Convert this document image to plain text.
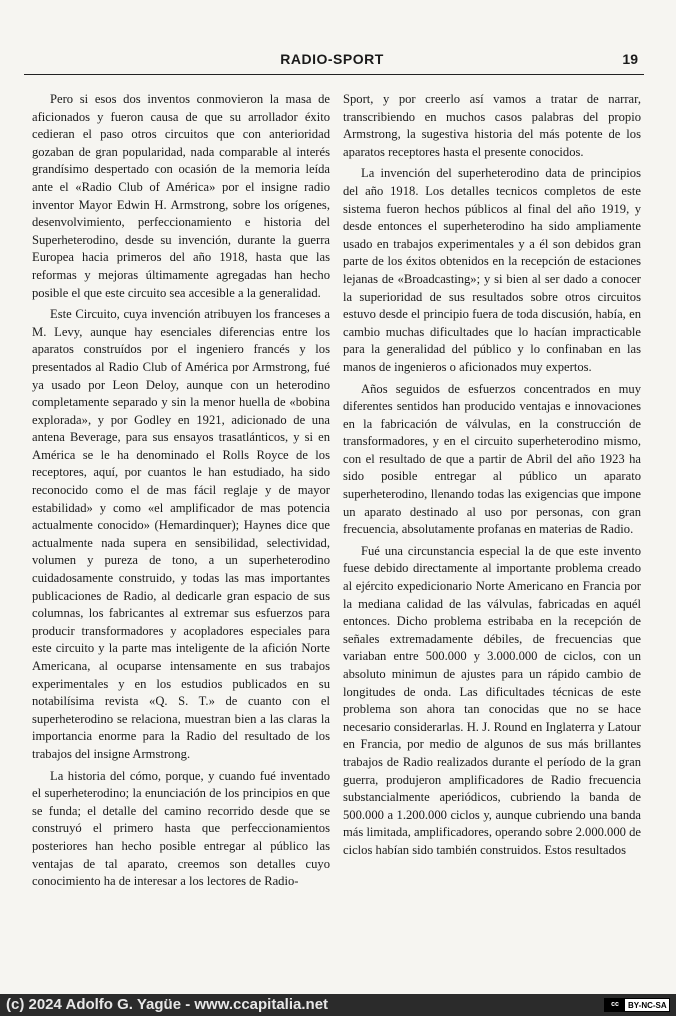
RADIO-SPORT	19

Pero si esos dos inventos conmovieron la masa de aficionados y fueron causa de que su arrollador éxito cedieran el paso otros circuitos que con anterioridad gozaban de gran popularidad, nada comparable al interés grandísimo despertado con ocasión de la memoria leída ante el «Radio Club of América» por el insigne radio inventor Mayor Edwin H. Armstrong, sobre los orígenes, desenvolvimiento, perfeccionamiento e historia del Superheterodino, desde su invención, durante la guerra Europea hacia primeros del año 1918, hasta que las reformas y mejoras últimamente agregadas han hecho posible el que este circuito sea accesible a la generalidad.

Este Circuito, cuya invención atribuyen los franceses a M. Levy, aunque hay esenciales diferencias entre los aparatos construídos por el ingeniero francés y los presentados al Radio Club of América por Armstrong, fué ya usado por Leon Deloy, aunque con un heterodino completamente separado y sin la menor huella de «bobina explorada», y por Godley en 1921, adicionado de una antena Beverage, para sus ensayos trasatlánticos, y si en América se le ha denominado el Rolls Royce de los receptores, aquí, por cuantos le han estudiado, ha sido reconocido como el de mas fácil reglaje y de mayor estabilidad» y como «el amplificador de mas potencia actualmente conocido» (Hemardinquer); Haynes dice que actualmente nada supera en sensibilidad, selectividad, volumen y pureza de tono, a un superheterodino cuidadosamente construido, y todas las mas importantes publicaciones de Radio, al dedicarle gran espacio de sus columnas, los fabricantes al extremar sus esfuerzos para producir transformadores y acopladores especiales para este circuito y la parte mas inteligente de la afición Norte Americana, al ocuparse intensamente en sus trabajos experimentales y en los estudios publicados en su notabilísima revista «Q. S. T.» de cuanto con el superheterodino se relaciona, muestran bien a las claras la importancia enorme para la Radio del resultado de los trabajos del insigne Armstrong.

La historia del cómo, porque, y cuando fué inventado el superheterodino; la enunciación de los principios en que se funda; el detalle del camino recorrido desde que se construyó el primero hasta que perfeccionamientos posteriores han hecho posible entregar al público las ventajas de tal aparato, creemos son detalles cuyo conocimiento ha de interesar a los lectores de Radio-

Sport, y por creerlo así vamos a tratar de narrar, transcribiendo en muchos casos palabras del propio Armstrong, la sugestiva historia del más potente de los aparatos receptores hasta el presente conocidos.

La invención del superheterodino data de principios del año 1918. Los detalles tecnicos completos de este sistema fueron hechos públicos al final del año 1919, y desde entonces el superheterodino ha sido ampliamente usado en trabajos experimentales y a él son debidos gran parte de los éxitos obtenidos en la recepción de estaciones lejanas de «Broadcasting»; y si bien al ser dado a conocer la superioridad de sus resultados sobre otros circuitos estuvo desde el principio fuera de toda discusión, había, en cambio muchas dificultades que lo hacían impracticable para la generalidad del público y lo confinaban en las manos de ingenieros o aficionados muy expertos.

Años seguidos de esfuerzos concentrados en muy diferentes sentidos han producido ventajas e innovaciones en la fabricación de válvulas, en la construcción de transformadores, y en el circuito superheterodino mismo, con el resultado de que a partir de Abril del año 1923 ha sido posible entregar al público un aparato superheterodino, llenando todas las exigencias que impone un aparato destinado al uso por personas, con gran frecuencia, absolutamente profanas en materias de Radio.

Fué una circunstancia especial la de que este invento fuese debido directamente al importante problema creado al ejército expedicionario Norte Americano en Francia por la mediana calidad de las válvulas, fabricadas en aquél entonces. Dicho problema estribaba en la recepción de señales extremadamente débiles, de frecuencias que variaban entre 500.000 y 3.000.000 de ciclos, con un absoluto minimun de ajustes para un rápido cambio de longitudes de onda. Las dificultades técnicas de este problema son ahora tan conocidas que no se hace necesario considerarlas. H. J. Round en Inglaterra y Latour en Francia, por medio de algunos de sus más brillantes trabajos de Radio realizados durante el período de la gran guerra, produjeron amplificadores de Radio frecuencia substancialmente aperiódicos, cubriendo la banda de 500.000 a 1.200.000 ciclos y, aunque cubriendo una banda más limitada, amplificadores, operando sobre 2.000.000 de ciclos habían sido también construidos. Estos resultados

(c) 2024 Adolfo G. Yagüe - www.ccapitalia.net	cc	BY-NC-SA
